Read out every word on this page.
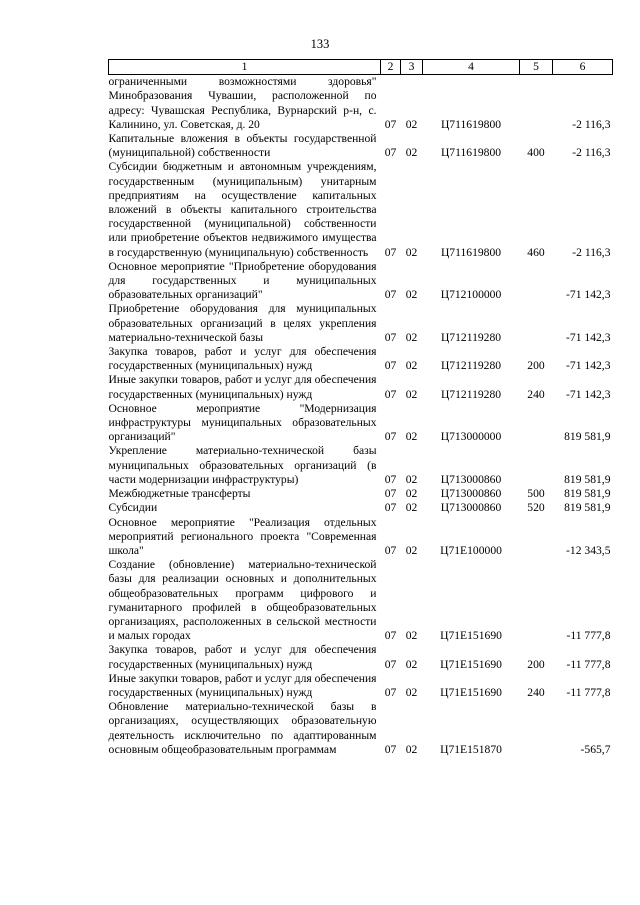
133
1	2	3	4	5	6
ограниченными возможностями здоровья" Минобразования Чувашии, расположенной по адресу: Чувашская Республика, Вурнарский р-н, с. Калинино, ул. Советская, д. 20	07	02	Ц711619800		-2 116,3
Капитальные вложения в объекты государственной (муниципальной) собственности	07	02	Ц711619800	400	-2 116,3
Субсидии бюджетным и автономным учреждениям, государственным (муниципальным) унитарным предприятиям на осуществление капитальных вложений в объекты капитального строительства государственной (муниципальной) собственности или приобретение объектов недвижимого имущества в государственную (муниципальную) собственность	07	02	Ц711619800	460	-2 116,3
Основное мероприятие "Приобретение оборудования для государственных и муниципальных образовательных организаций"	07	02	Ц712100000		-71 142,3
Приобретение оборудования для муниципальных образовательных организаций в целях укрепления материально-технической базы	07	02	Ц712119280		-71 142,3
Закупка товаров, работ и услуг для обеспечения государственных (муниципальных) нужд	07	02	Ц712119280	200	-71 142,3
Иные закупки товаров, работ и услуг для обеспечения государственных (муниципальных) нужд	07	02	Ц712119280	240	-71 142,3
Основное мероприятие "Модернизация инфраструктуры муниципальных образовательных организаций"	07	02	Ц713000000		819 581,9
Укрепление материально-технической базы муниципальных образовательных организаций (в части модернизации инфраструктуры)	07	02	Ц713000860		819 581,9
Межбюджетные трансферты	07	02	Ц713000860	500	819 581,9
Субсидии	07	02	Ц713000860	520	819 581,9
Основное мероприятие "Реализация отдельных мероприятий регионального проекта "Современная школа"	07	02	Ц71E100000		-12 343,5
Создание (обновление) материально-технической базы для реализации основных и дополнительных общеобразовательных программ цифрового и гуманитарного профилей в общеобразовательных организациях, расположенных в сельской местности и малых городах	07	02	Ц71E151690		-11 777,8
Закупка товаров, работ и услуг для обеспечения государственных (муниципальных) нужд	07	02	Ц71E151690	200	-11 777,8
Иные закупки товаров, работ и услуг для обеспечения государственных (муниципальных) нужд	07	02	Ц71E151690	240	-11 777,8
Обновление материально-технической базы в организациях, осуществляющих образовательную деятельность исключительно по адаптированным основным общеобразовательным программам	07	02	Ц71E151870		-565,7
